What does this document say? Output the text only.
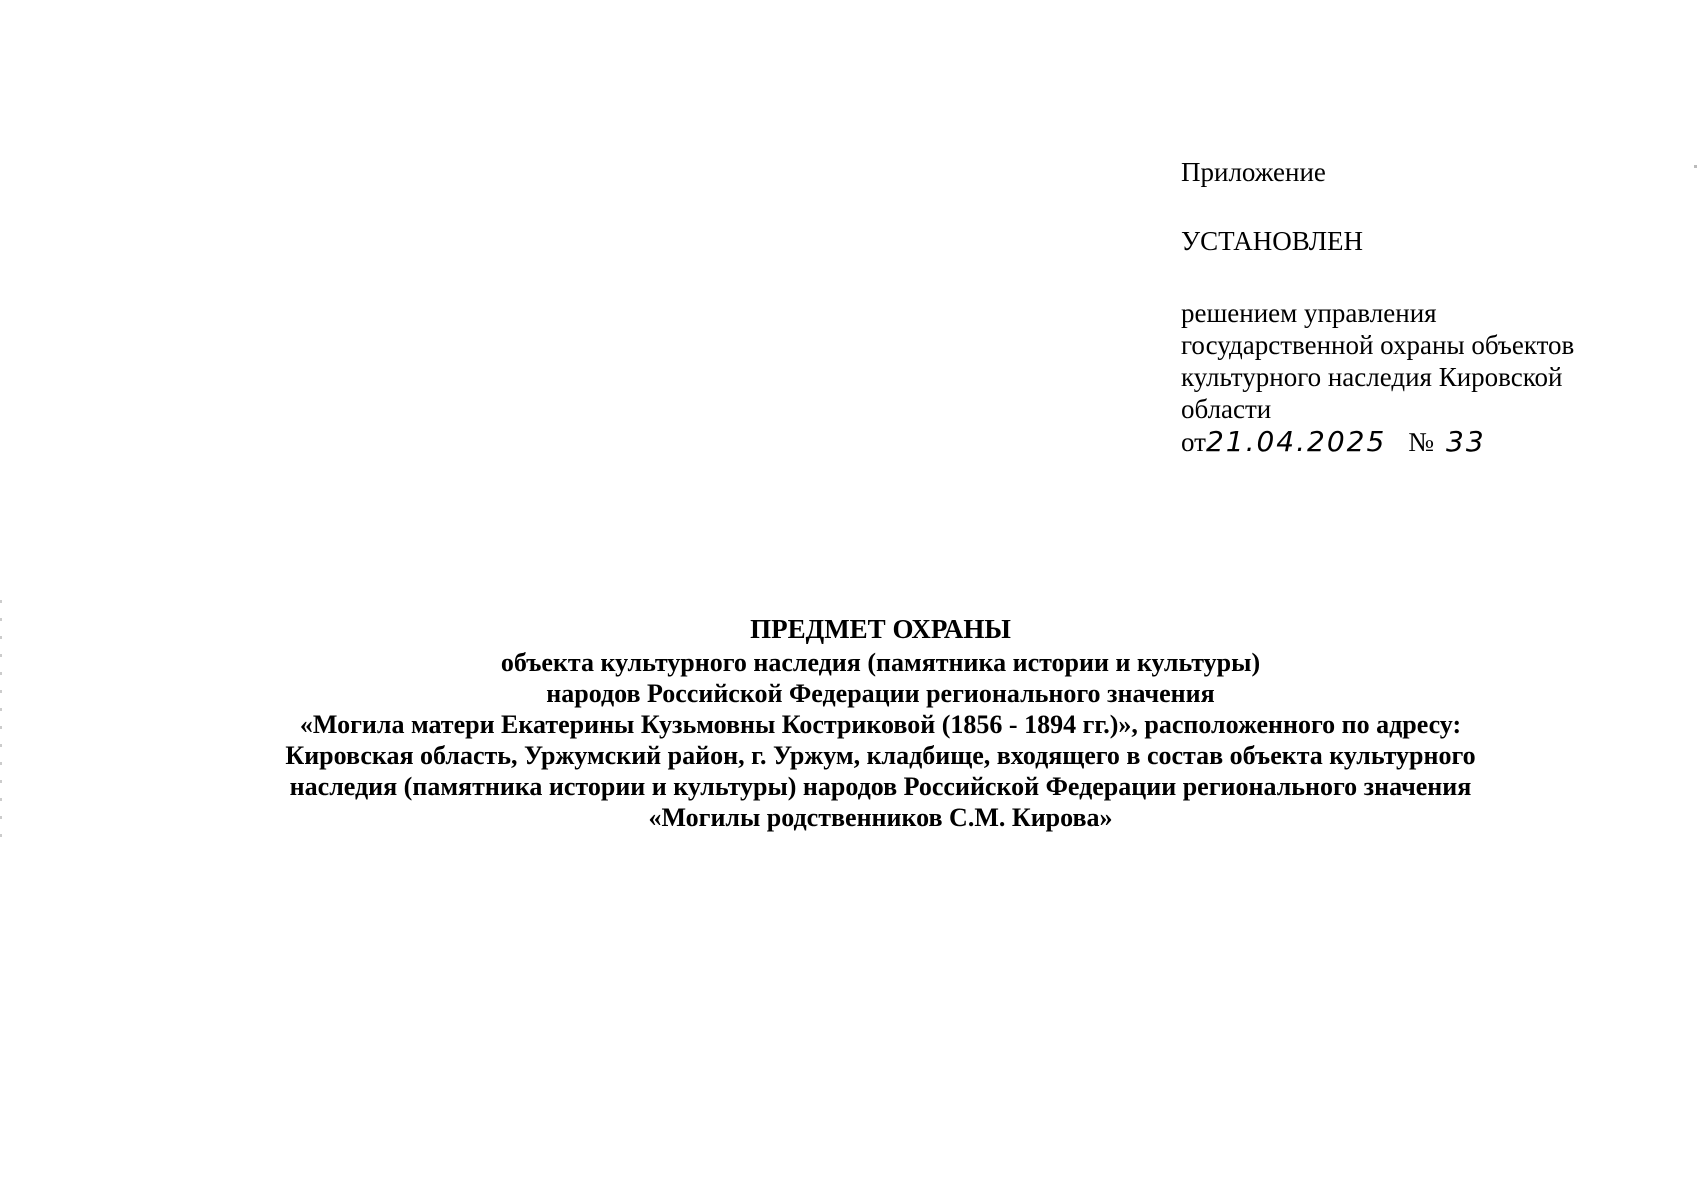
Приложение
УСТАНОВЛЕН
решением управления
государственной охраны объектов
культурного наследия Кировской
области
от21.04.2025 № 33
ПРЕДМЕТ ОХРАНЫ
объекта культурного наследия (памятника истории и культуры)
народов Российской Федерации регионального значения
«Могила матери Екатерины Кузьмовны Костриковой (1856 - 1894 гг.)», расположенного по адресу:
Кировская область, Уржумский район, г. Уржум, кладбище, входящего в состав объекта культурного
наследия (памятника истории и культуры) народов Российской Федерации регионального значения
«Могилы родственников С.М. Кирова»
